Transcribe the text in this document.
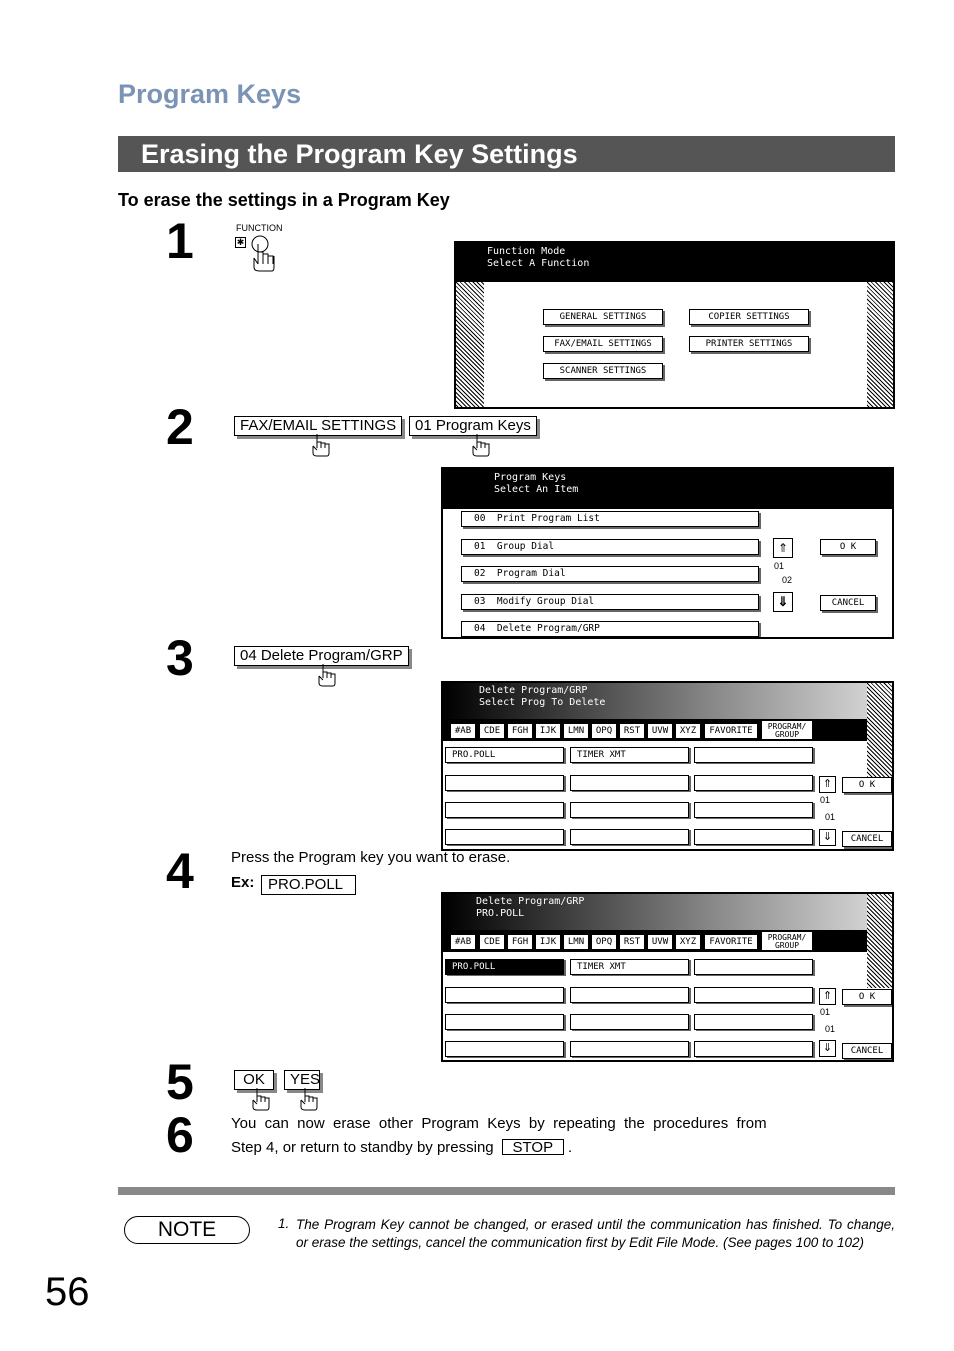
Program Keys
Erasing the Program Key Settings
To erase the settings in a Program Key
1
2
3
4
5
6
FUNCTION
✱
Function Mode
Select A Function
GENERAL SETTINGS	COPIER SETTINGS
FAX/EMAIL SETTINGS	PRINTER SETTINGS
SCANNER SETTINGS
FAX/EMAIL SETTINGS	01 Program Keys
Program Keys
Select An Item
00 Print Program List
01 Group Dial
02 Program Dial
03 Modify Group Dial
04 Delete Program/GRP
⇑
01
02
⇓
O K
CANCEL
04 Delete Program/GRP
Delete Program/GRP
Select Prog To Delete
#AB	CDE	FGH	IJK	LMN	OPQ	RST	UVW	XYZ	FAVORITE	PROGRAM/
GROUP
PRO.POLL	TIMER XMT
⇑
01
01
⇓
O K
CANCEL
Press the Program key you want to erase.
Ex: PRO.POLL
Delete Program/GRP
PRO.POLL
#AB	CDE	FGH	IJK	LMN	OPQ	RST	UVW	XYZ	FAVORITE	PROGRAM/
GROUP
PRO.POLL	TIMER XMT
⇑
01
01
⇓
O K
CANCEL
OK	YES
You  can  now  erase  other  Program  Keys  by  repeating  the  procedures  from
Step 4, or return to standby by pressing STOP .
NOTE	1. The Program Key cannot be changed, or erased until the communication has finished. To change, or erase the settings, cancel the communication first by Edit File Mode. (See pages 100 to 102)
56
